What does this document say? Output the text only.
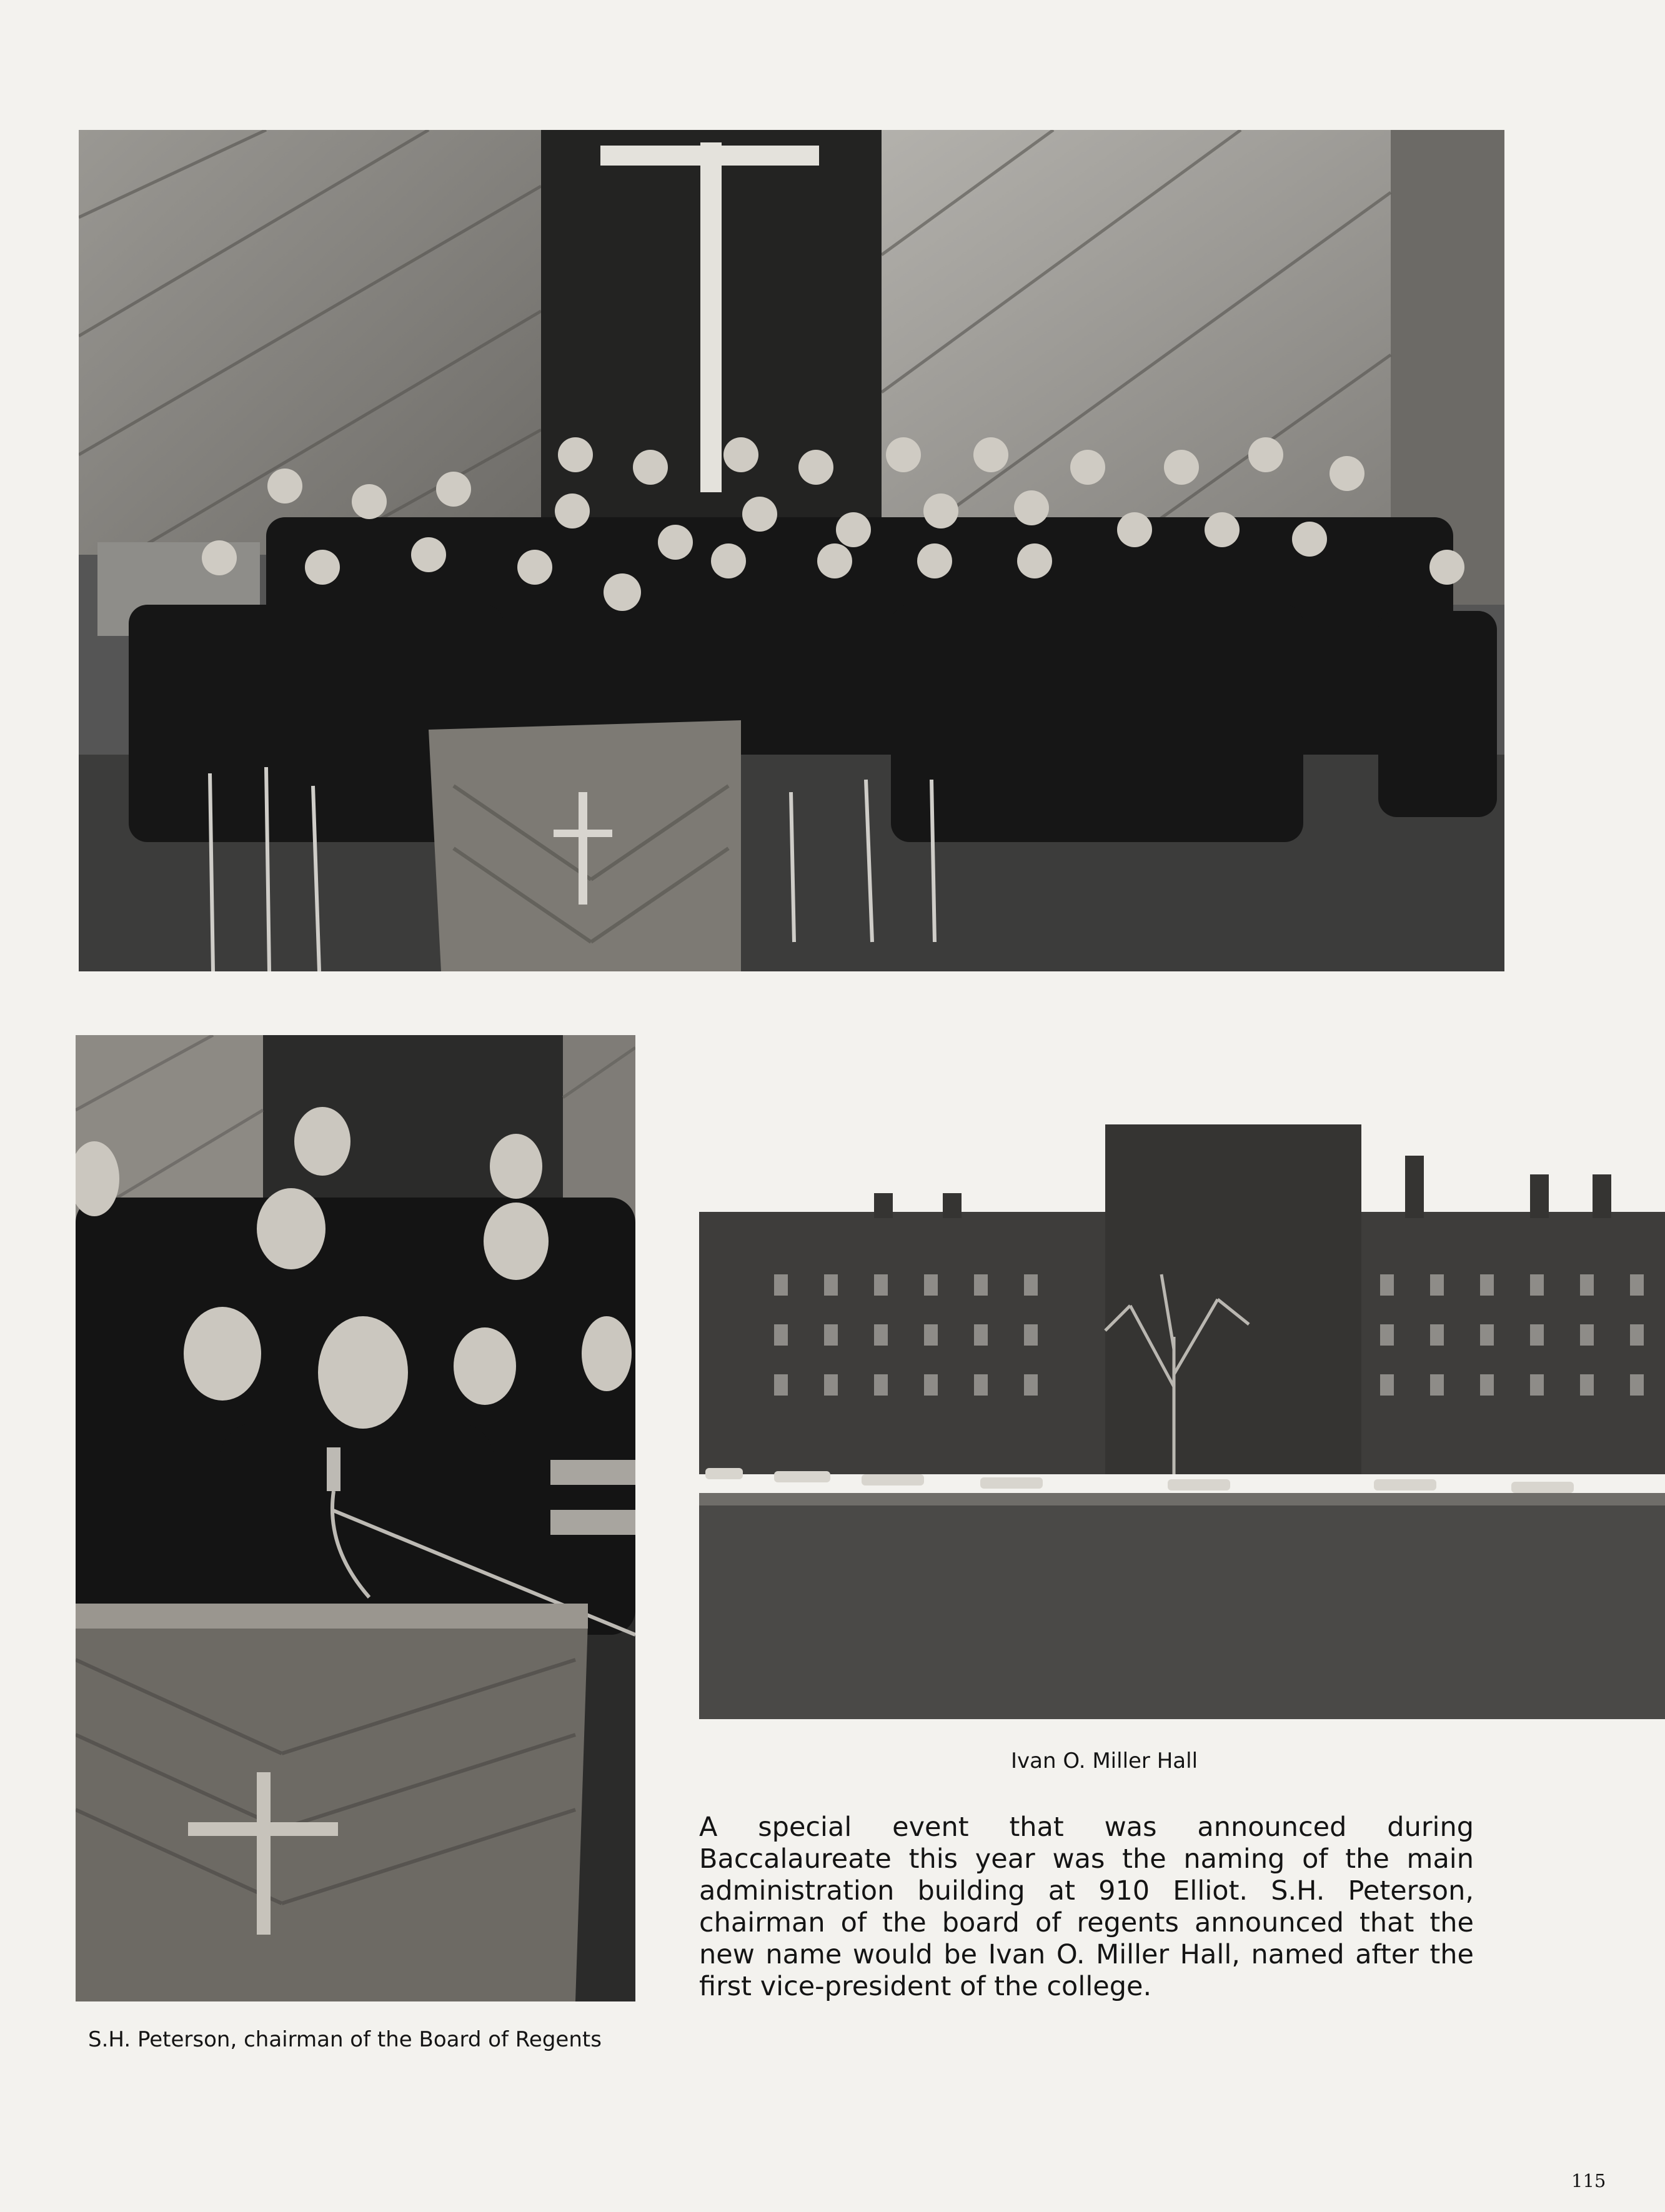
Ivan O. Miller Hall
A special event that was announced during Baccalaureate this year was the naming of the main administration building at 910 Elliot. S.H. Peterson, chairman of the board of regents announced that the new name would be Ivan O. Miller Hall, named after the first vice-president of the college.
S.H. Peterson, chairman of the Board of Regents
115
